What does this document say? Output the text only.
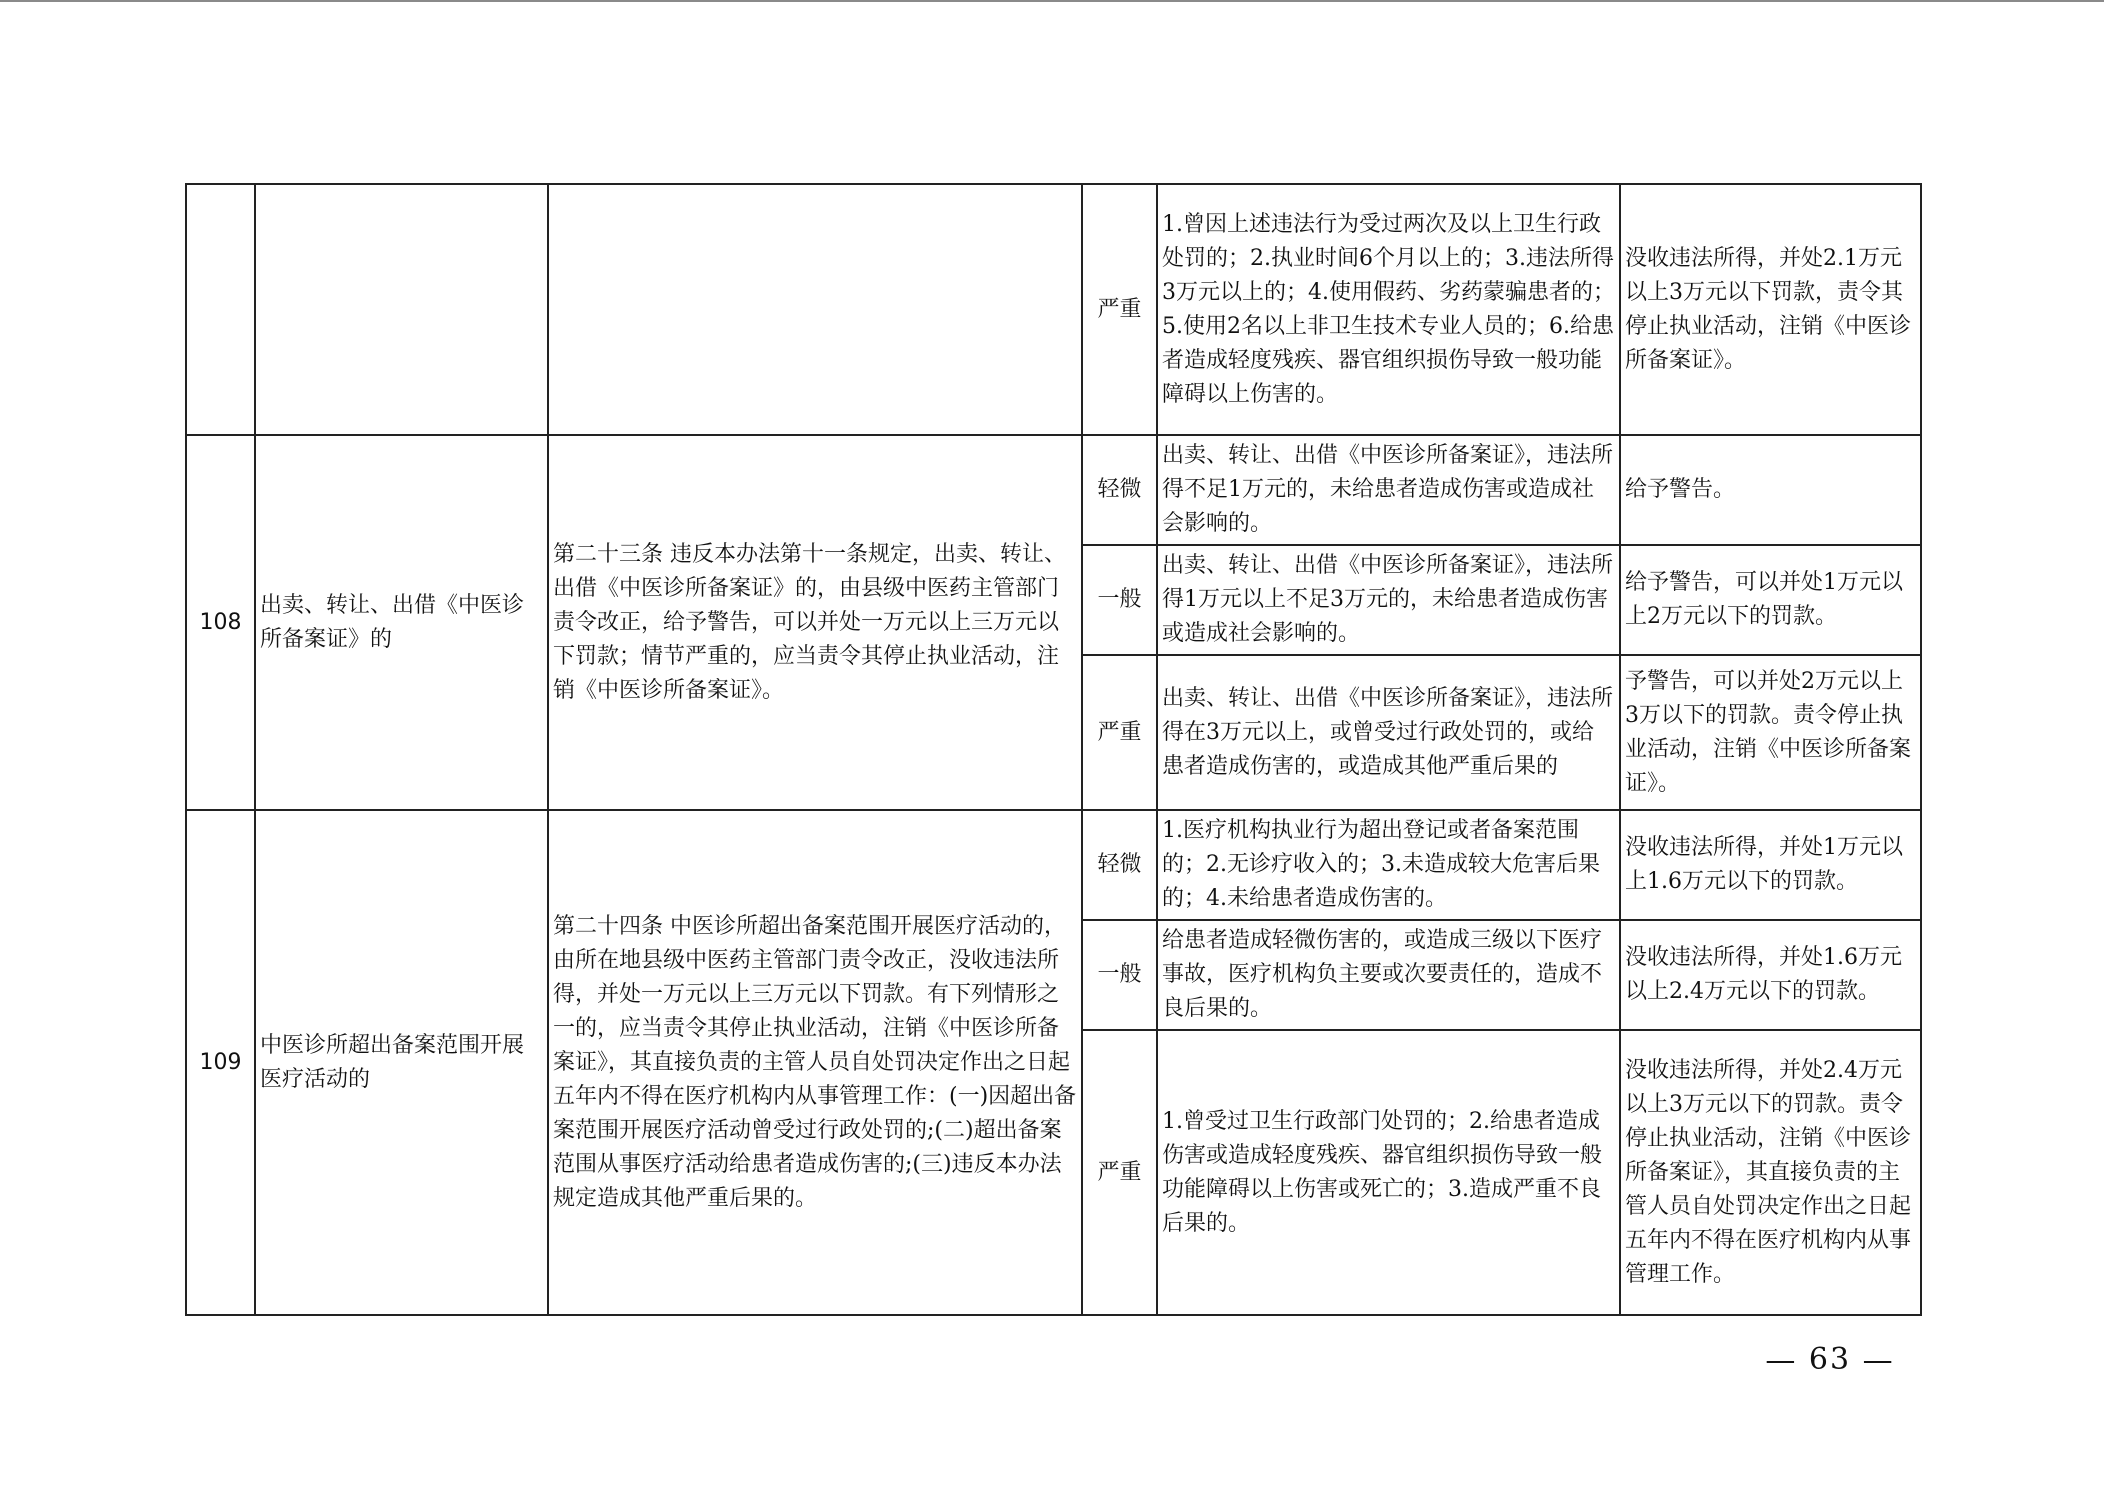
			严重	1.曾因上述违法行为受过两次及以上卫生行政处罚的；2.执业时间6个月以上的；3.违法所得3万元以上的；4.使用假药、劣药蒙骗患者的；5.使用2名以上非卫生技术专业人员的；6.给患者造成轻度残疾、器官组织损伤导致一般功能障碍以上伤害的。	没收违法所得，并处2.1万元以上3万元以下罚款，责令其停止执业活动，注销《中医诊所备案证》。
108	出卖、转让、出借《中医诊所备案证》的	第二十三条 违反本办法第十一条规定，出卖、转让、出借《中医诊所备案证》的，由县级中医药主管部门责令改正，给予警告，可以并处一万元以上三万元以下罚款；情节严重的，应当责令其停止执业活动，注销《中医诊所备案证》。	轻微	出卖、转让、出借《中医诊所备案证》，违法所得不足1万元的，未给患者造成伤害或造成社会影响的。	给予警告。
			一般	出卖、转让、出借《中医诊所备案证》，违法所得1万元以上不足3万元的，未给患者造成伤害或造成社会影响的。	给予警告，可以并处1万元以上2万元以下的罚款。
			严重	出卖、转让、出借《中医诊所备案证》，违法所得在3万元以上，或曾受过行政处罚的，或给患者造成伤害的，或造成其他严重后果的	予警告，可以并处2万元以上3万以下的罚款。责令停止执业活动，注销《中医诊所备案证》。
109	中医诊所超出备案范围开展医疗活动的	第二十四条 中医诊所超出备案范围开展医疗活动的，由所在地县级中医药主管部门责令改正，没收违法所得，并处一万元以上三万元以下罚款。有下列情形之一的，应当责令其停止执业活动，注销《中医诊所备案证》，其直接负责的主管人员自处罚决定作出之日起五年内不得在医疗机构内从事管理工作：(一)因超出备案范围开展医疗活动曾受过行政处罚的;(二)超出备案范围从事医疗活动给患者造成伤害的;(三)违反本办法规定造成其他严重后果的。	轻微	1.医疗机构执业行为超出登记或者备案范围的；2.无诊疗收入的；3.未造成较大危害后果的；4.未给患者造成伤害的。	没收违法所得，并处1万元以上1.6万元以下的罚款。
			一般	给患者造成轻微伤害的，或造成三级以下医疗事故，医疗机构负主要或次要责任的，造成不良后果的。	没收违法所得，并处1.6万元以上2.4万元以下的罚款。
			严重	1.曾受过卫生行政部门处罚的；2.给患者造成伤害或造成轻度残疾、器官组织损伤导致一般功能障碍以上伤害或死亡的；3.造成严重不良后果的。	没收违法所得，并处2.4万元以上3万元以下的罚款。责令停止执业活动，注销《中医诊所备案证》，其直接负责的主管人员自处罚决定作出之日起五年内不得在医疗机构内从事管理工作。
— 63 —
